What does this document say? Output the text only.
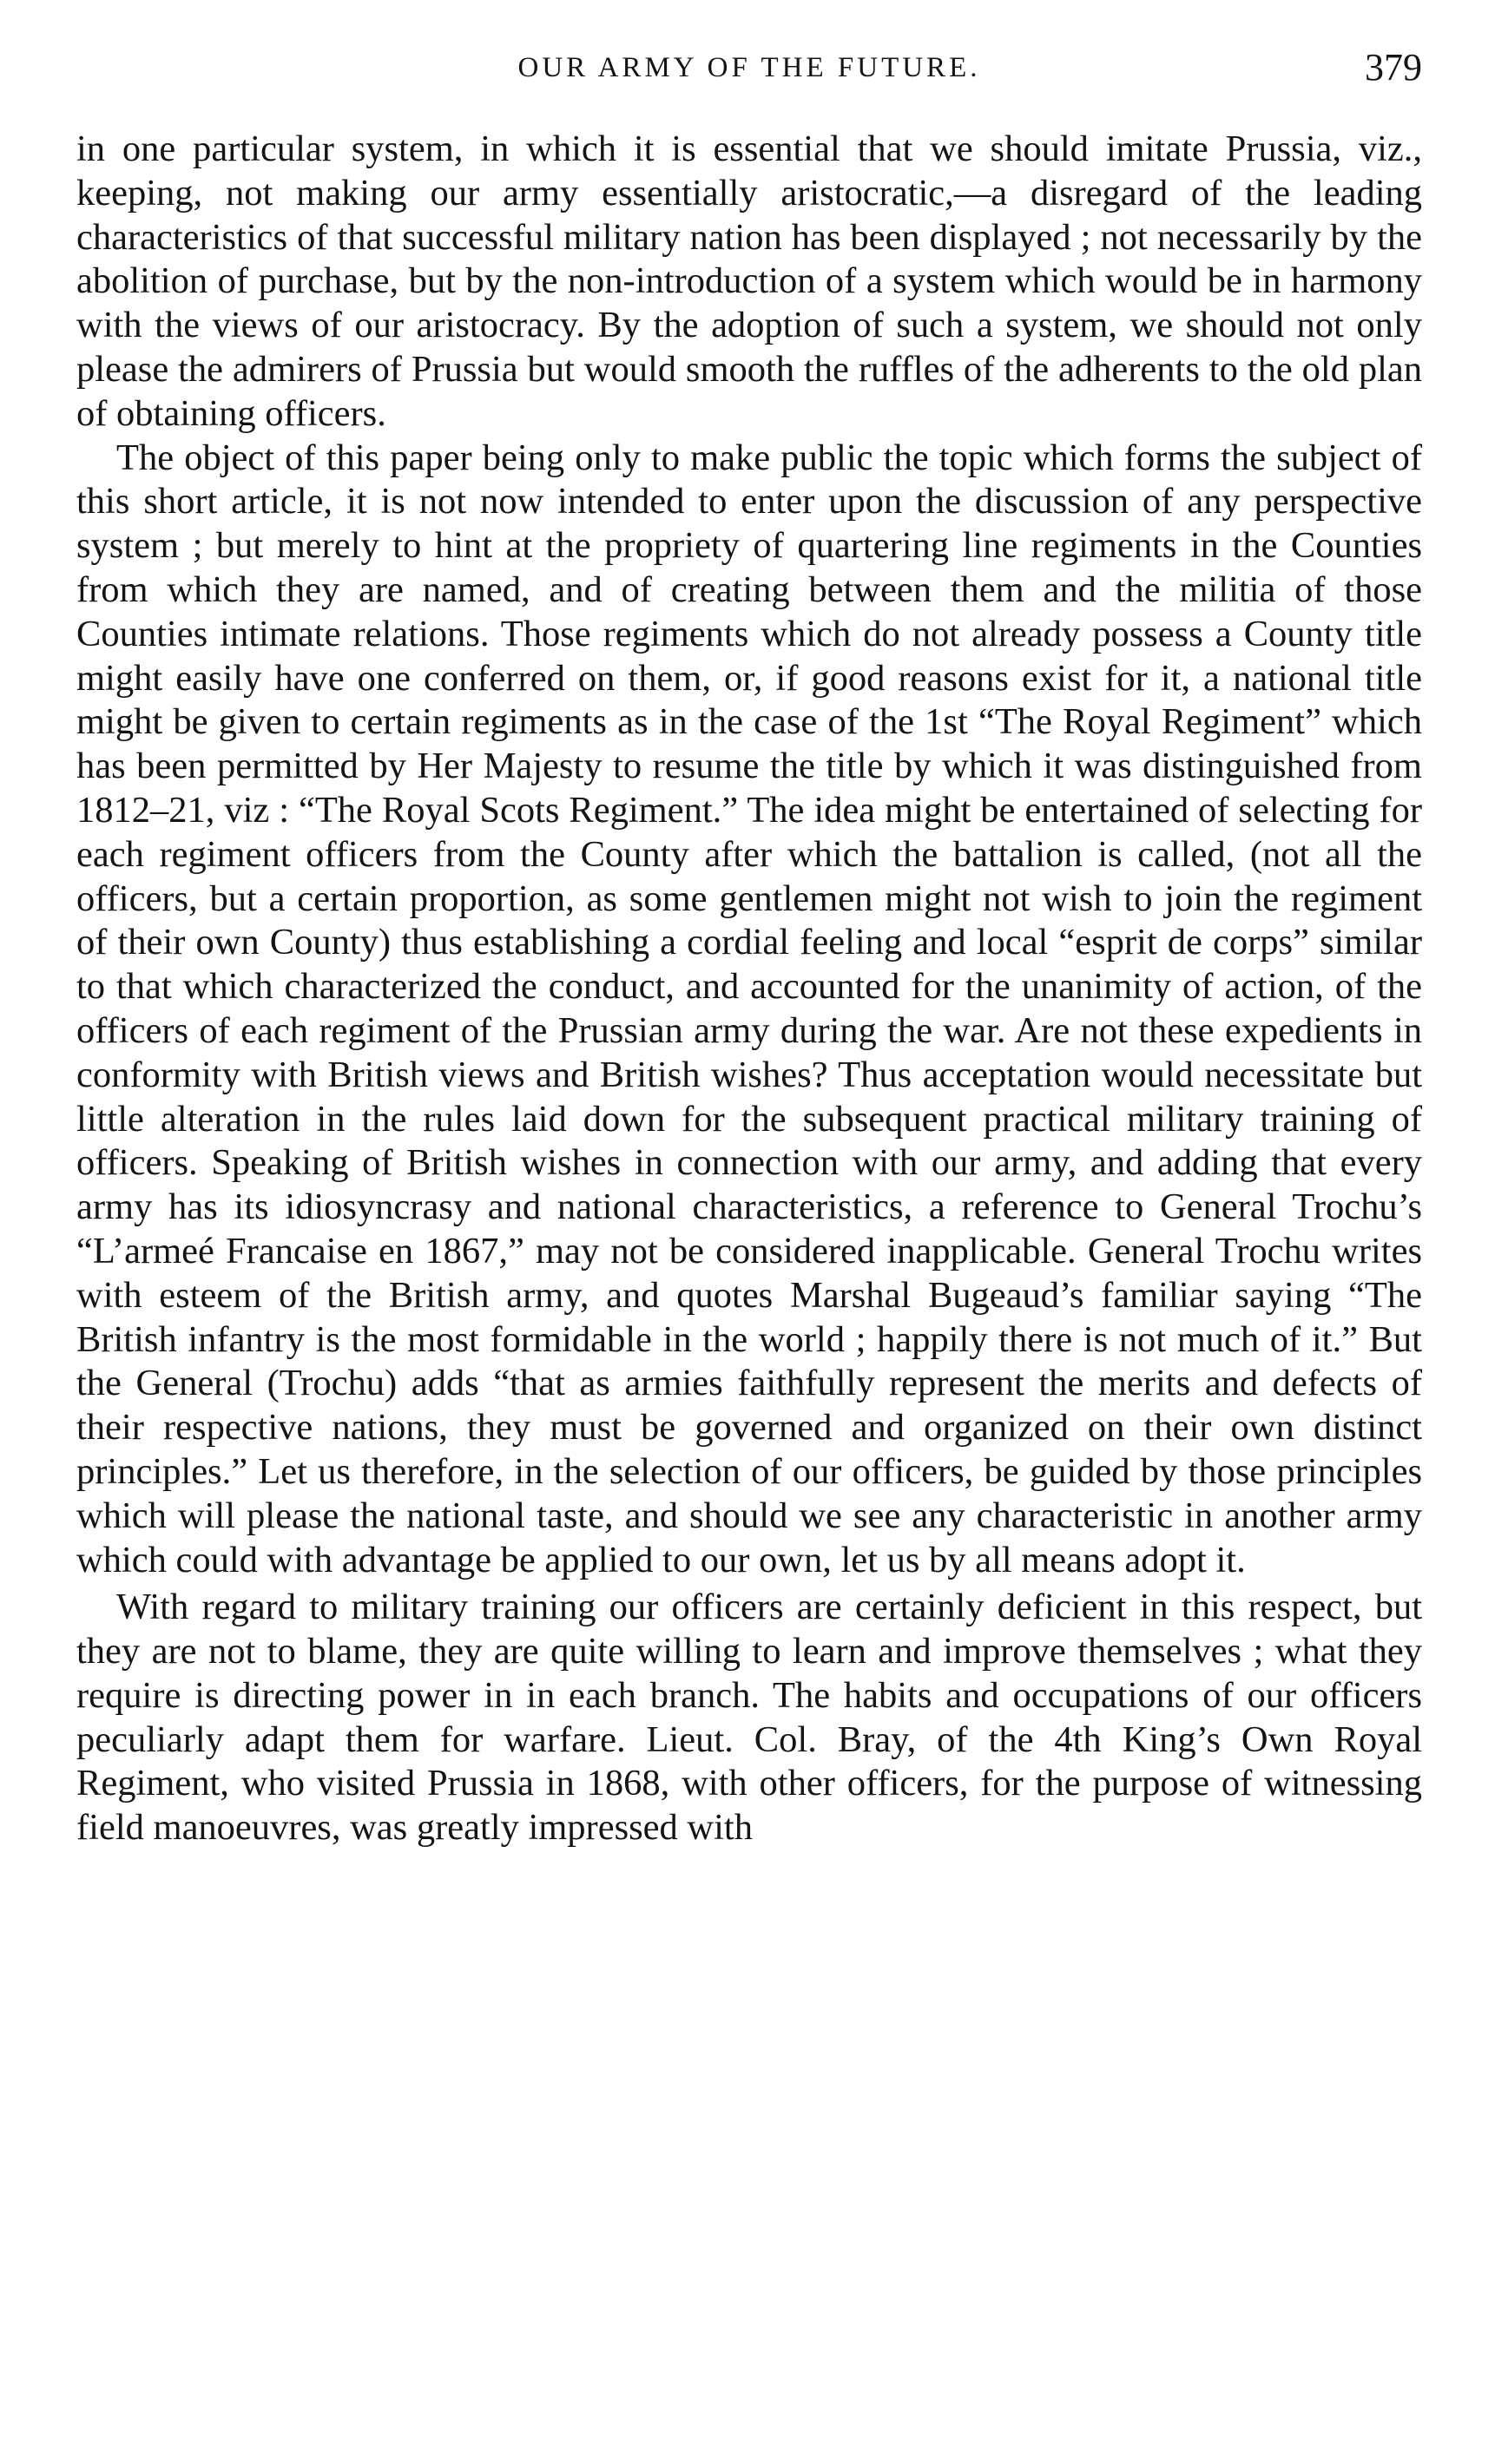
OUR ARMY OF THE FUTURE.	379

in one particular system, in which it is essential that we should imitate Prussia, viz., keeping, not making our army essentially aristocratic,—a disregard of the leading characteristics of that successful military nation has been displayed ; not necessarily by the abolition of purchase, but by the non-introduction of a system which would be in harmony with the views of our aristocracy. By the adoption of such a system, we should not only please the admirers of Prussia but would smooth the ruffles of the adherents to the old plan of obtaining officers.

The object of this paper being only to make public the topic which forms the subject of this short article, it is not now intended to enter upon the discussion of any perspective system ; but merely to hint at the propriety of quartering line regiments in the Counties from which they are named, and of creating between them and the militia of those Counties intimate relations. Those regiments which do not already possess a County title might easily have one conferred on them, or, if good reasons exist for it, a national title might be given to certain regiments as in the case of the 1st “The Royal Regiment” which has been permitted by Her Majesty to resume the title by which it was distinguished from 1812–21, viz : “The Royal Scots Regiment.” The idea might be entertained of selecting for each regiment officers from the County after which the battalion is called, (not all the officers, but a certain proportion, as some gentlemen might not wish to join the regiment of their own County) thus establishing a cordial feeling and local “esprit de corps” similar to that which characterized the conduct, and accounted for the unanimity of action, of the officers of each regiment of the Prussian army during the war. Are not these expedients in conformity with British views and British wishes? Thus acceptation would necessitate but little alteration in the rules laid down for the subsequent practical military training of officers. Speaking of British wishes in connection with our army, and adding that every army has its idiosyncrasy and national characteristics, a reference to General Trochu’s “L’armeé Francaise en 1867,” may not be considered inapplicable. General Trochu writes with esteem of the British army, and quotes Marshal Bugeaud’s familiar saying “The British infantry is the most formidable in the world ; happily there is not much of it.” But the General (Trochu) adds “that as armies faithfully represent the merits and defects of their respective nations, they must be governed and organized on their own distinct principles.” Let us therefore, in the selection of our officers, be guided by those principles which will please the national taste, and should we see any characteristic in another army which could with advantage be applied to our own, let us by all means adopt it.

With regard to military training our officers are certainly deficient in this respect, but they are not to blame, they are quite willing to learn and improve themselves ; what they require is directing power in in each branch. The habits and occupations of our officers peculiarly adapt them for warfare. Lieut. Col. Bray, of the 4th King’s Own Royal Regiment, who visited Prussia in 1868, with other officers, for the purpose of witnessing field manoeuvres, was greatly impressed with
